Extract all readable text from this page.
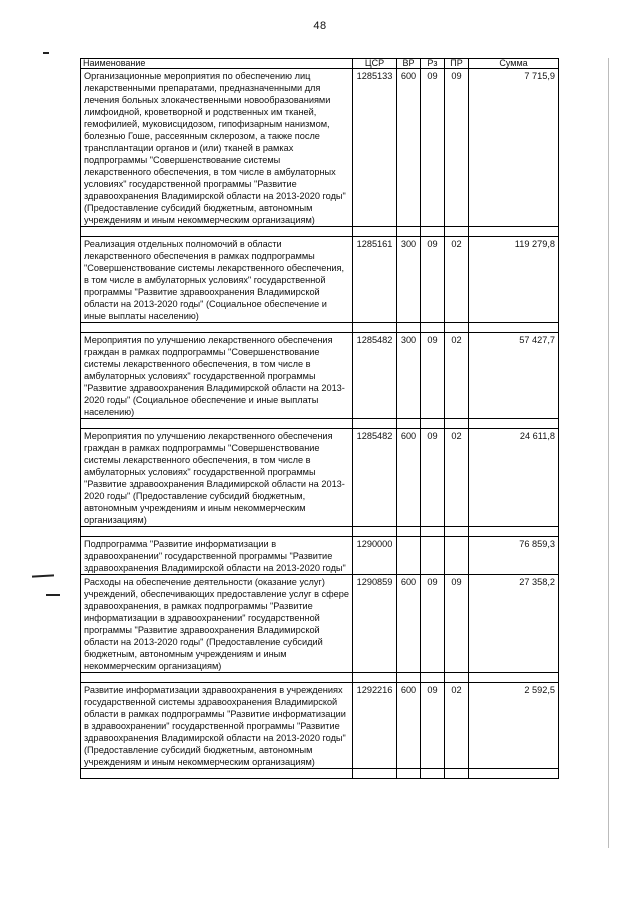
48
Наименование	ЦСР	ВР	Рз	ПР	Сумма
Организационные мероприятия по обеспечению лиц лекарственными препаратами, предназначенными для лечения больных злокачественными новообразованиями лимфоидной, кроветворной и родственных им тканей, гемофилией, муковисцидозом, гипофизарным нанизмом, болезнью Гоше, рассеянным склерозом, а также после трансплантации органов и (или) тканей в рамках подпрограммы "Совершенствование системы лекарственного обеспечения, в том числе в амбулаторных условиях" государственной программы "Развитие здравоохранения Владимирской области на 2013-2020 годы" (Предоставление субсидий бюджетным, автономным учреждениям и иным некоммерческим организациям)	1285133	600	09	09	7 715,9

Реализация отдельных полномочий в области лекарственного обеспечения в рамках подпрограммы "Совершенствование системы лекарственного обеспечения, в том числе в амбулаторных условиях" государственной программы "Развитие здравоохранения Владимирской области на 2013-2020 годы" (Социальное обеспечение и иные выплаты населению)	1285161	300	09	02	119 279,8

Мероприятия по улучшению лекарственного обеспечения граждан в рамках подпрограммы "Совершенствование системы лекарственного обеспечения, в том числе в амбулаторных условиях" государственной программы "Развитие здравоохранения Владимирской области на 2013-2020 годы" (Социальное обеспечение и иные выплаты населению)	1285482	300	09	02	57 427,7

Мероприятия по улучшению лекарственного обеспечения граждан в рамках подпрограммы "Совершенствование системы лекарственного обеспечения, в том числе в амбулаторных условиях" государственной программы "Развитие здравоохранения Владимирской области на 2013-2020 годы" (Предоставление субсидий бюджетным, автономным учреждениям и иным некоммерческим организациям)	1285482	600	09	02	24 611,8

Подпрограмма "Развитие информатизации в здравоохранении" государственной программы "Развитие здравоохранения Владимирской области на 2013-2020 годы"	1290000				76 859,3
Расходы на обеспечение деятельности (оказание услуг) учреждений, обеспечивающих предоставление услуг в сфере здравоохранения, в рамках подпрограммы "Развитие информатизации в здравоохранении" государственной программы "Развитие здравоохранения Владимирской области на 2013-2020 годы" (Предоставление субсидий бюджетным, автономным учреждениям и иным некоммерческим организациям)	1290859	600	09	09	27 358,2

Развитие информатизации здравоохранения в учреждениях государственной системы здравоохранения Владимирской области в рамках подпрограммы "Развитие информатизации в здравоохранении" государственной программы "Развитие здравоохранения Владимирской области на 2013-2020 годы" (Предоставление субсидий бюджетным, автономным учреждениям и иным некоммерческим организациям)	1292216	600	09	02	2 592,5
